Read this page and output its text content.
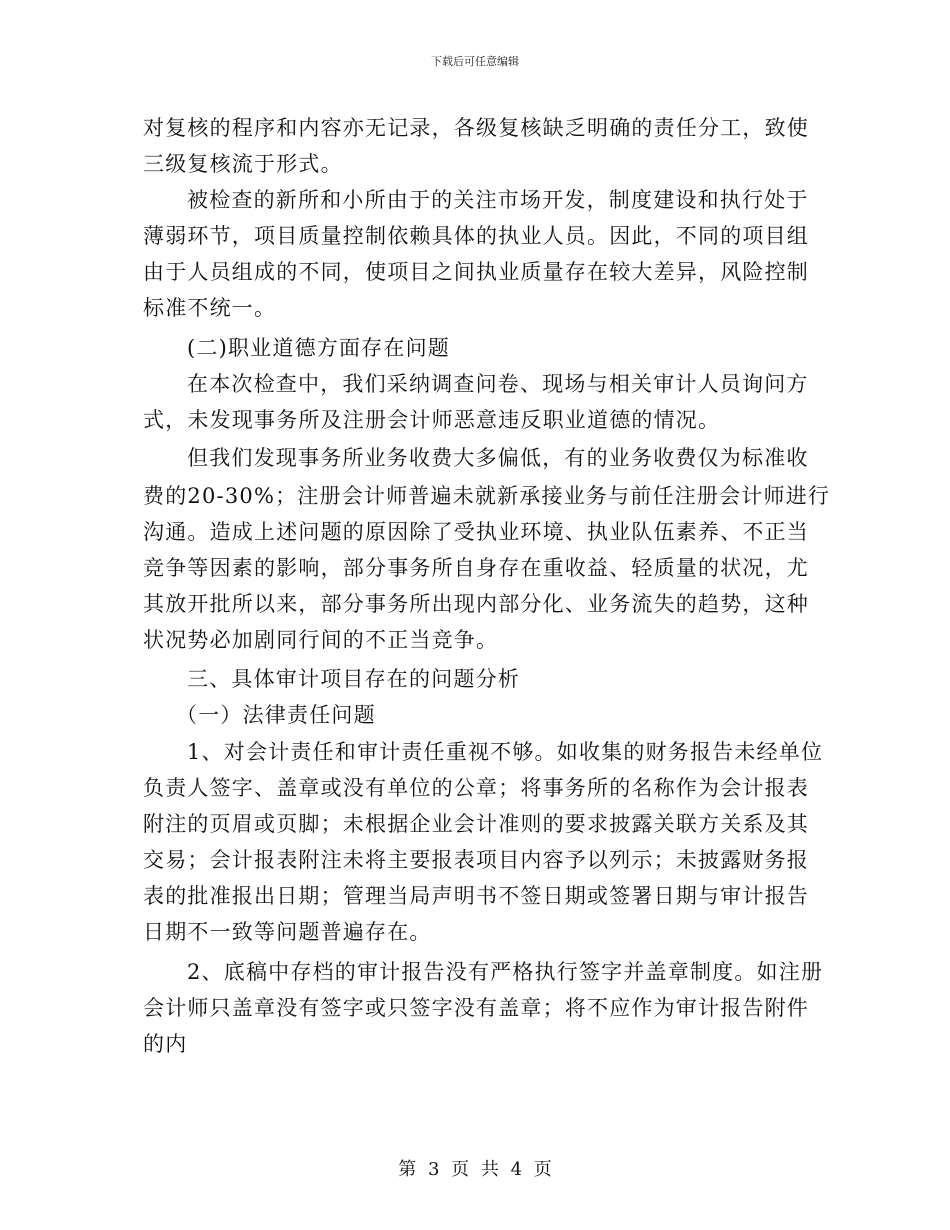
下载后可任意编辑
对复核的程序和内容亦无记录，各级复核缺乏明确的责任分工，致使
三级复核流于形式。
被检查的新所和小所由于的关注市场开发，制度建设和执行处于
薄弱环节，项目质量控制依赖具体的执业人员。因此，不同的项目组
由于人员组成的不同，使项目之间执业质量存在较大差异，风险控制
标准不统一。
(二)职业道德方面存在问题
在本次检查中，我们采纳调查问卷、现场与相关审计人员询问方
式，未发现事务所及注册会计师恶意违反职业道德的情况。
但我们发现事务所业务收费大多偏低，有的业务收费仅为标准收
费的20-30%；注册会计师普遍未就新承接业务与前任注册会计师进行
沟通。造成上述问题的原因除了受执业环境、执业队伍素养、不正当
竞争等因素的影响，部分事务所自身存在重收益、轻质量的状况，尤
其放开批所以来，部分事务所出现内部分化、业务流失的趋势，这种
状况势必加剧同行间的不正当竞争。
三、具体审计项目存在的问题分析
（一）法律责任问题
1、对会计责任和审计责任重视不够。如收集的财务报告未经单位
负责人签字、盖章或没有单位的公章；将事务所的名称作为会计报表
附注的页眉或页脚；未根据企业会计准则的要求披露关联方关系及其
交易；会计报表附注未将主要报表项目内容予以列示；未披露财务报
表的批准报出日期；管理当局声明书不签日期或签署日期与审计报告
日期不一致等问题普遍存在。
2、底稿中存档的审计报告没有严格执行签字并盖章制度。如注册
会计师只盖章没有签字或只签字没有盖章；将不应作为审计报告附件
的内
第 3 页 共 4 页
